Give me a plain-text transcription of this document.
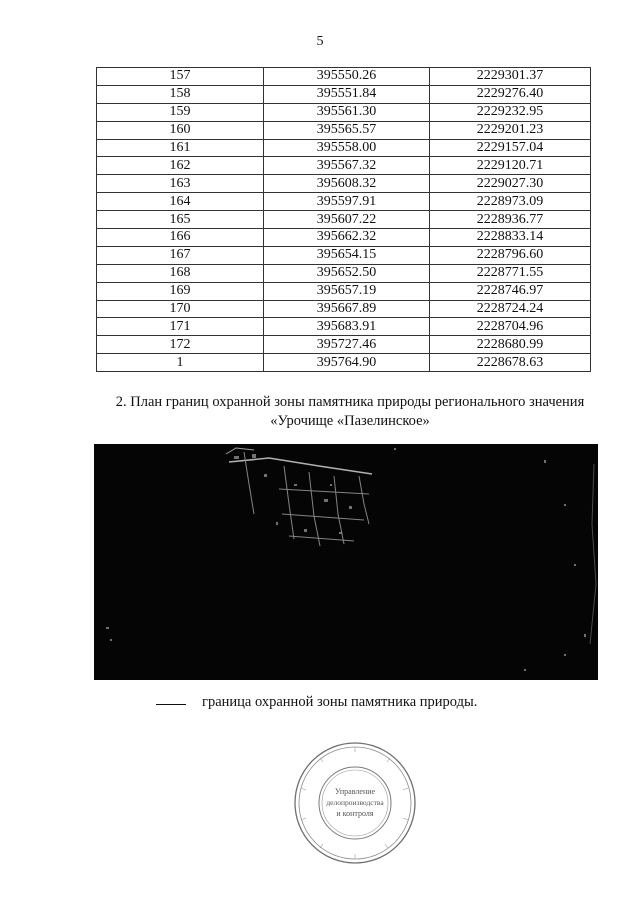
5
157	395550.26	2229301.37
158	395551.84	2229276.40
159	395561.30	2229232.95
160	395565.57	2229201.23
161	395558.00	2229157.04
162	395567.32	2229120.71
163	395608.32	2229027.30
164	395597.91	2228973.09
165	395607.22	2228936.77
166	395662.32	2228833.14
167	395654.15	2228796.60
168	395652.50	2228771.55
169	395657.19	2228746.97
170	395667.89	2228724.24
171	395683.91	2228704.96
172	395727.46	2228680.99
1	395764.90	2228678.63
2. План границ охранной зоны памятника природы регионального значения
«Урочище «Пазелинское»
граница охранной зоны памятника природы.
Управление
делопроизводства
и контроля
